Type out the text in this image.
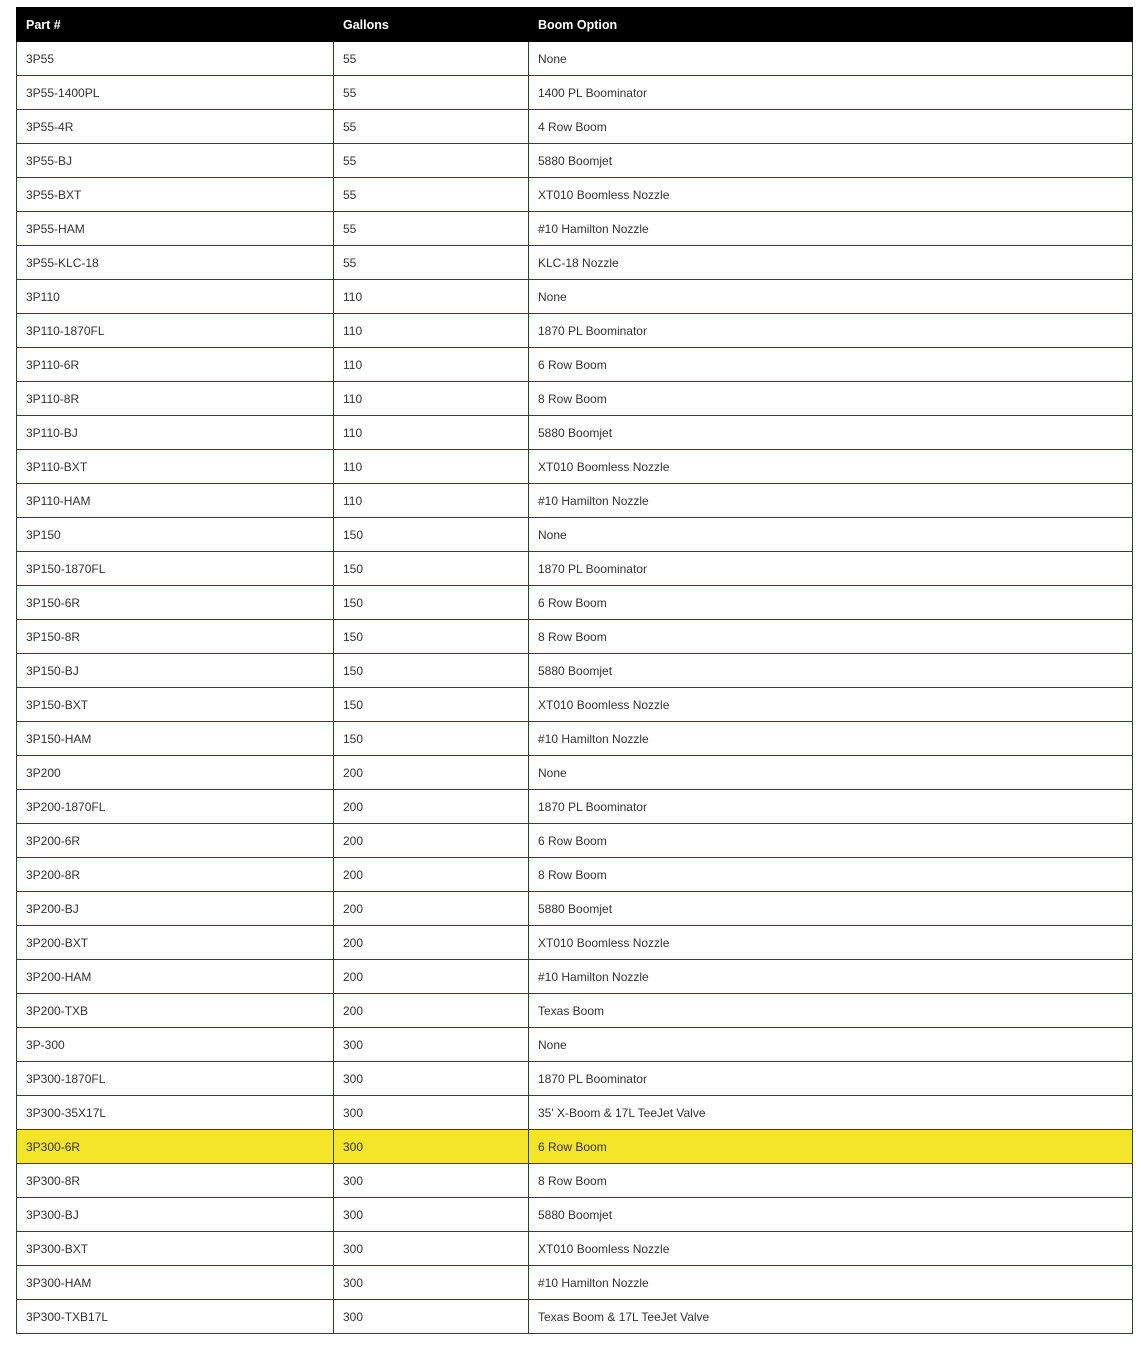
Part #	Gallons	Boom Option
3P55	55	None
3P55-1400PL	55	1400 PL Boominator
3P55-4R	55	4 Row Boom
3P55-BJ	55	5880 Boomjet
3P55-BXT	55	XT010 Boomless Nozzle
3P55-HAM	55	#10 Hamilton Nozzle
3P55-KLC-18	55	KLC-18 Nozzle
3P110	110	None
3P110-1870FL	110	1870 PL Boominator
3P110-6R	110	6 Row Boom
3P110-8R	110	8 Row Boom
3P110-BJ	110	5880 Boomjet
3P110-BXT	110	XT010 Boomless Nozzle
3P110-HAM	110	#10 Hamilton Nozzle
3P150	150	None
3P150-1870FL	150	1870 PL Boominator
3P150-6R	150	6 Row Boom
3P150-8R	150	8 Row Boom
3P150-BJ	150	5880 Boomjet
3P150-BXT	150	XT010 Boomless Nozzle
3P150-HAM	150	#10 Hamilton Nozzle
3P200	200	None
3P200-1870FL	200	1870 PL Boominator
3P200-6R	200	6 Row Boom
3P200-8R	200	8 Row Boom
3P200-BJ	200	5880 Boomjet
3P200-BXT	200	XT010 Boomless Nozzle
3P200-HAM	200	#10 Hamilton Nozzle
3P200-TXB	200	Texas Boom
3P-300	300	None
3P300-1870FL	300	1870 PL Boominator
3P300-35X17L	300	35' X-Boom & 17L TeeJet Valve
3P300-6R	300	6 Row Boom
3P300-8R	300	8 Row Boom
3P300-BJ	300	5880 Boomjet
3P300-BXT	300	XT010 Boomless Nozzle
3P300-HAM	300	#10 Hamilton Nozzle
3P300-TXB17L	300	Texas Boom & 17L TeeJet Valve
